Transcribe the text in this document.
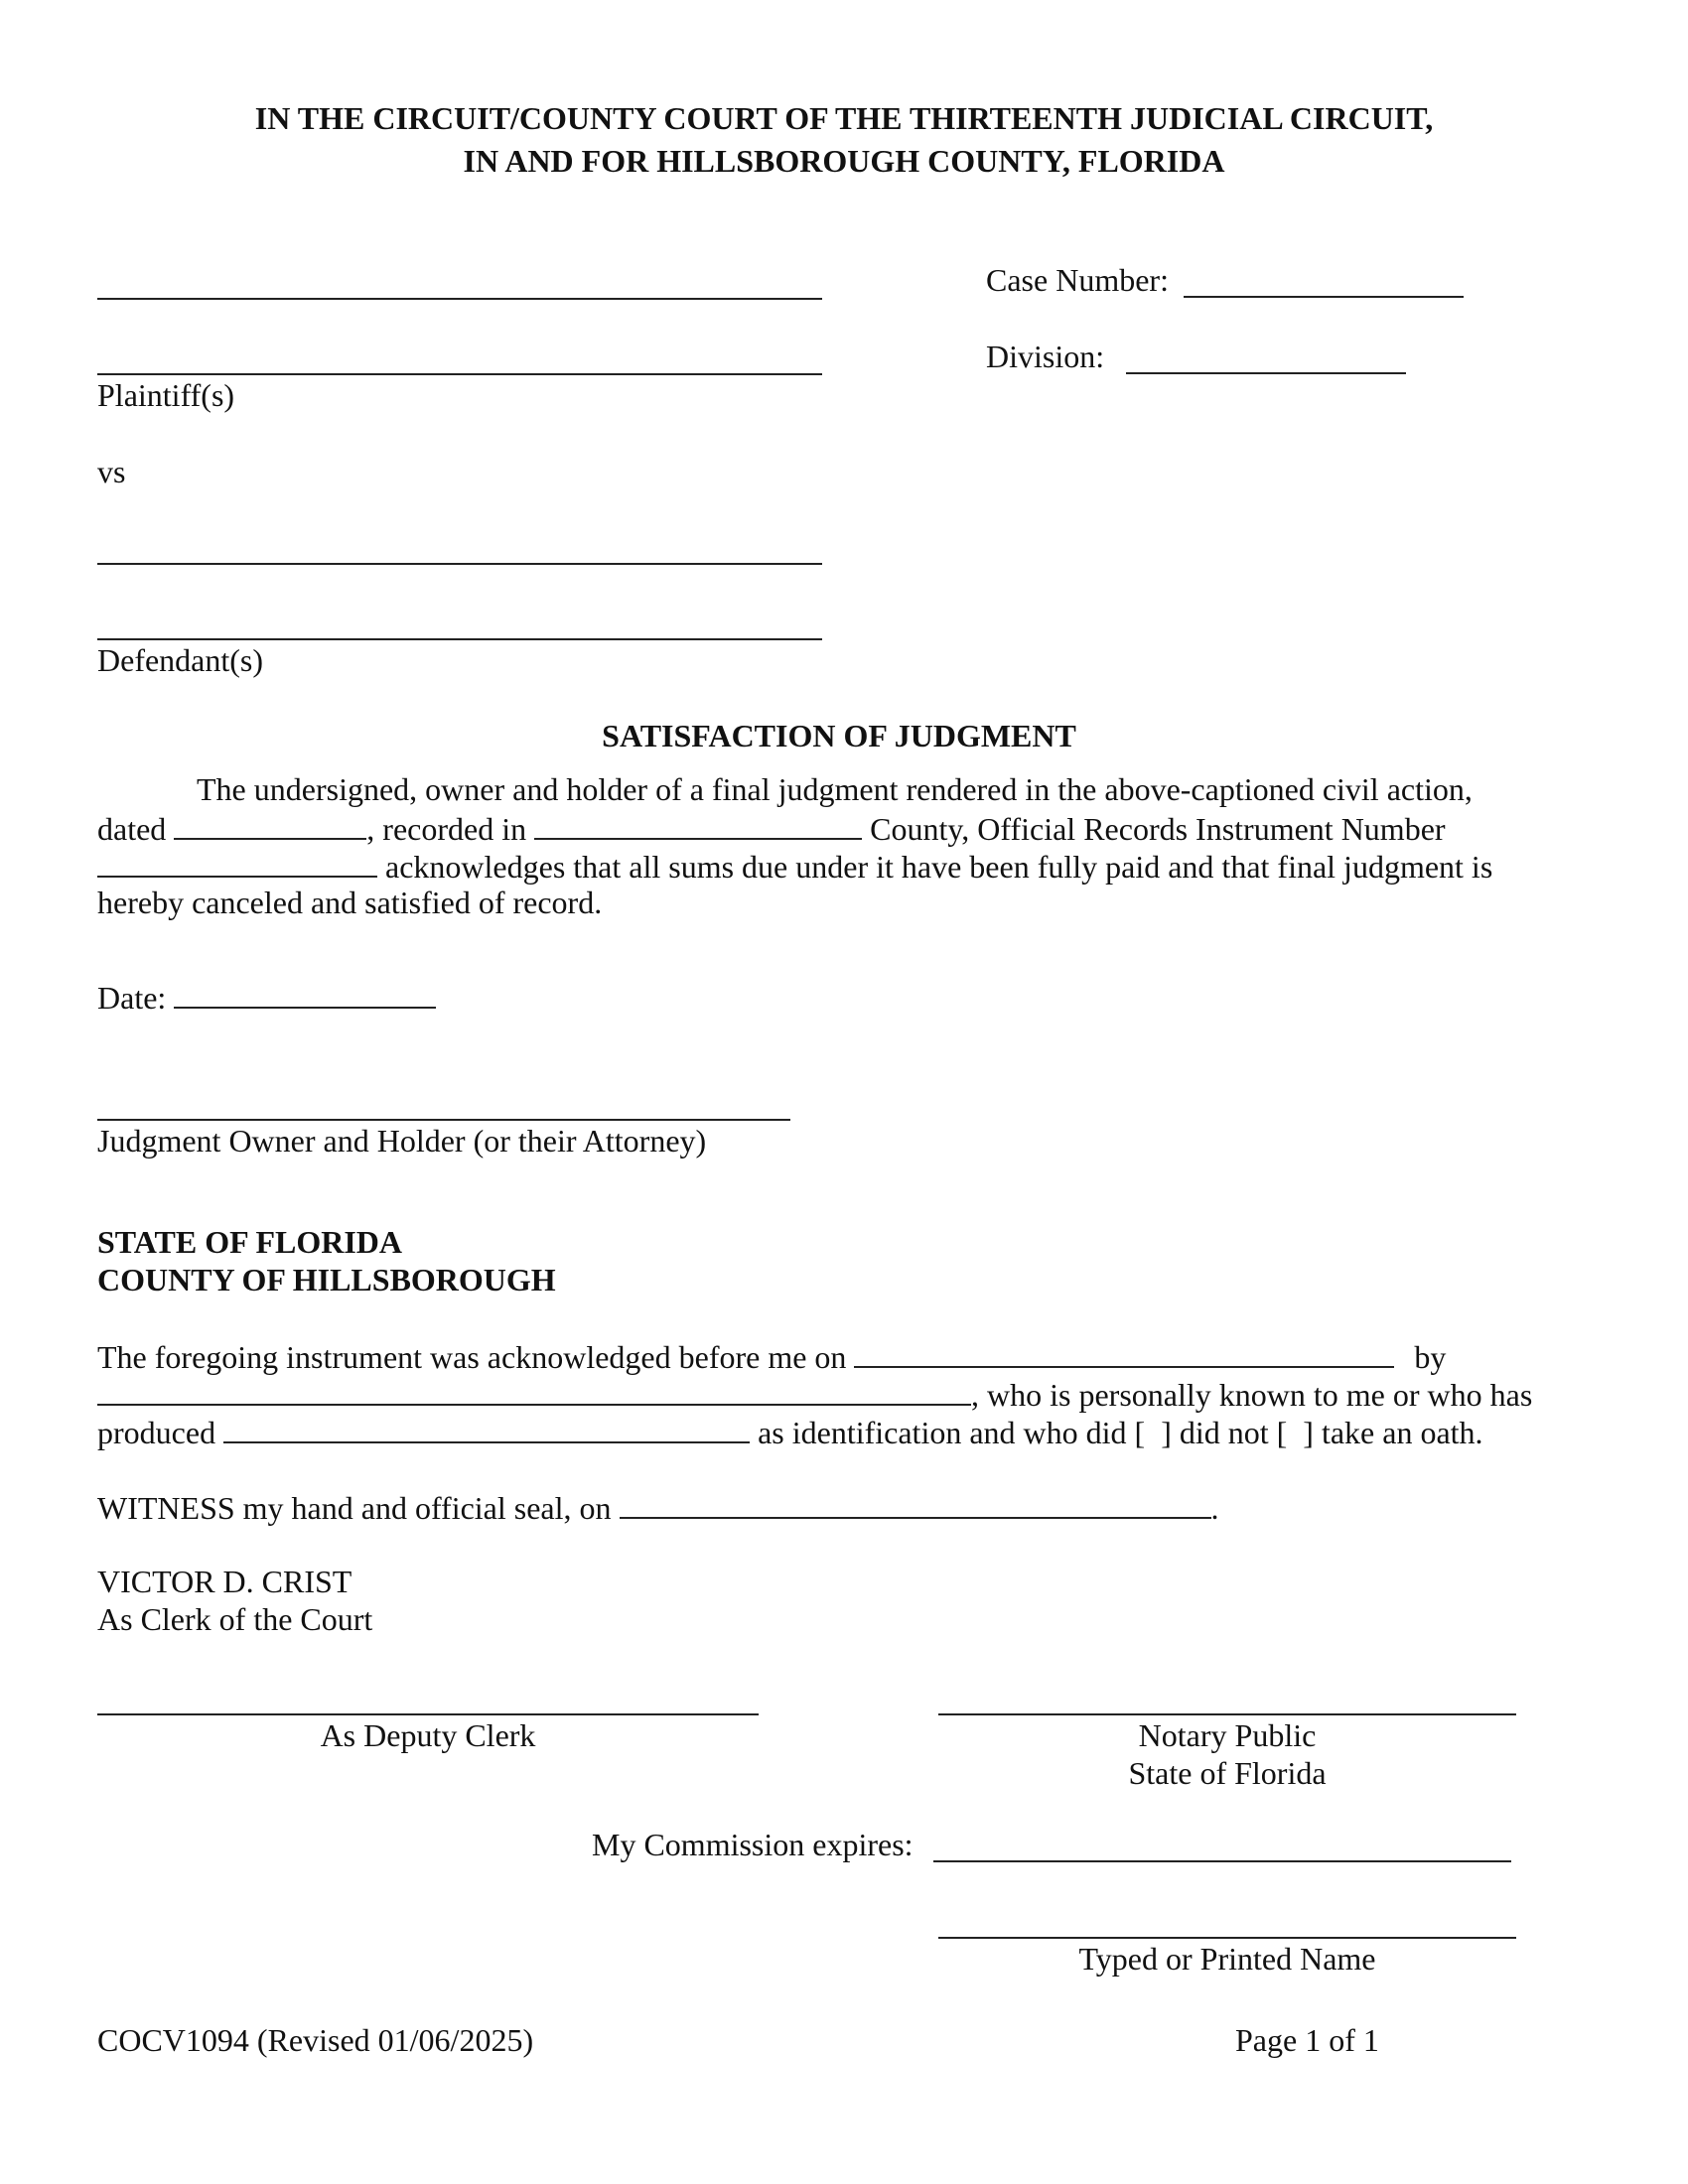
IN THE CIRCUIT/COUNTY COURT OF THE THIRTEENTH JUDICIAL CIRCUIT,
IN AND FOR HILLSBOROUGH COUNTY, FLORIDA
Plaintiff(s)
vs
Defendant(s)
Case Number:
Division:
SATISFACTION OF JUDGMENT
The undersigned, owner and holder of a final judgment rendered in the above-captioned civil action,
dated	, recorded in	County, Official Records Instrument Number
acknowledges that all sums due under it have been fully paid and that final judgment is
hereby canceled and satisfied of record.
Date:
Judgment Owner and Holder (or their Attorney)
STATE OF FLORIDA
COUNTY OF HILLSBOROUGH
The foregoing instrument was acknowledged before me on	by
, who is personally known to me or who has
produced	as identification and who did [ ] did not [ ] take an oath.
WITNESS my hand and official seal, on	.
VICTOR D. CRIST
As Clerk of the Court
As Deputy Clerk	Notary Public
State of Florida
My Commission expires:
Typed or Printed Name
COCV1094 (Revised 01/06/2025)	Page 1 of 1
